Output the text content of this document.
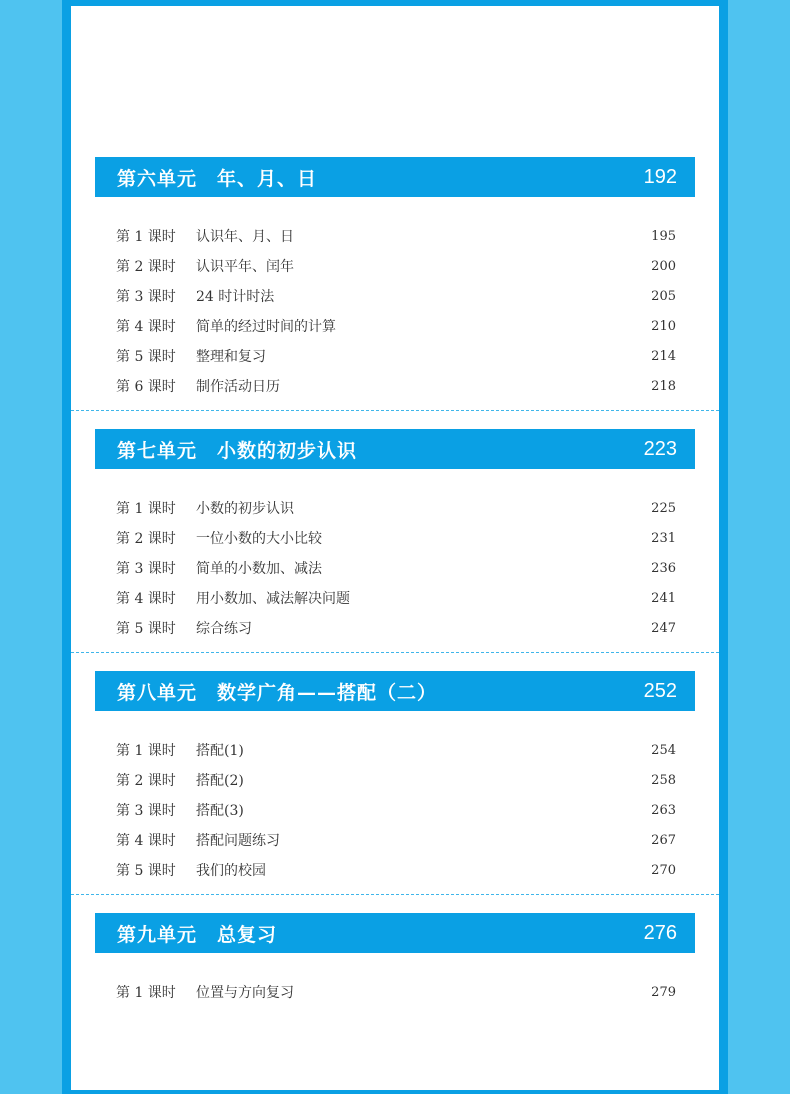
第六单元　年、月、日	192
第 1 课时	认识年、月、日	195
第 2 课时	认识平年、闰年	200
第 3 课时	24 时计时法	205
第 4 课时	简单的经过时间的计算	210
第 5 课时	整理和复习	214
第 6 课时	制作活动日历	218
第七单元　小数的初步认识	223
第 1 课时	小数的初步认识	225
第 2 课时	一位小数的大小比较	231
第 3 课时	简单的小数加、减法	236
第 4 课时	用小数加、减法解决问题	241
第 5 课时	综合练习	247
第八单元　数学广角——搭配（二）	252
第 1 课时	搭配(1)	254
第 2 课时	搭配(2)	258
第 3 课时	搭配(3)	263
第 4 课时	搭配问题练习	267
第 5 课时	我们的校园	270
第九单元　总复习	276
第 1 课时	位置与方向复习	279
